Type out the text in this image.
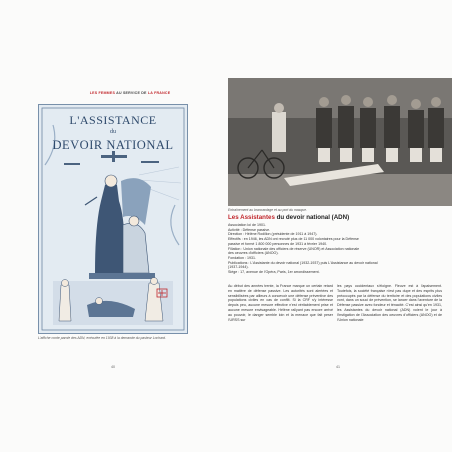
LES FEMMES AU SERVICE DE LA FRANCE
L'ASSISTANCE
du
DEVOIR NATIONAL
L'affiche conte parole des ADN, exécutée en 1938 à la demande du pasteur Lochard.
40
Entraînement au brancardage et au port du masque.
Les Assistantes du devoir national (ADN)
Association loi de 1901.
Activité : Défense passive.
Direction : Hélène Rodillon (présidente de 1911 à 1947).
Effectifs : en 1946, les ADN ont recruté plus de 11 000 volontaires pour la Défense
passive et formé 1 800 000 personnes de 1931 à février 1940.
Filiation : Union nationale des officiers de réserve (UNOR) et Association nationale
des oeuvres d'officiers (ANOO).
Fondation : 1931.
Publications : L'Assistante du devoir national (1932-1937) puis L'Assistance au devoir national
(1937-1944).
Siège : 17, avenue de l'Opéra, Paris, 1er arrondissement.
Au début des années trente, la France marque un certain retard en matière de défense passive. Les autorités sont alertées et sensibilisées par ailleurs à concevoir une défense préventive des populations civiles en cas de conflit. Si la CRF s'y intéresse depuis peu, aucune mesure effective n'est véritablement prise et aucune mesure envisageable. Hélène rallyant pas encore arrivé au pouvoir, le danger semble loin et la menace que fait peser l'URSS sur
les pays occidentaux s'éloigne. Fleuve est à l'apaisement. Toutefois, la société française n'est pas dupe et des esprits plus préoccupés par la défense du territoire et des populations civiles vont, dans un souci de prévention, se lancer dans l'aventure de la Défense passive avec fondeur et ténacité. C'est ainsi qu'en 1931, les Assistantes du devoir national (ADN) voient le jour à l'instigation de l'Association des oeuvres d'officiers (ANOO) et de l'Union nationale
41
